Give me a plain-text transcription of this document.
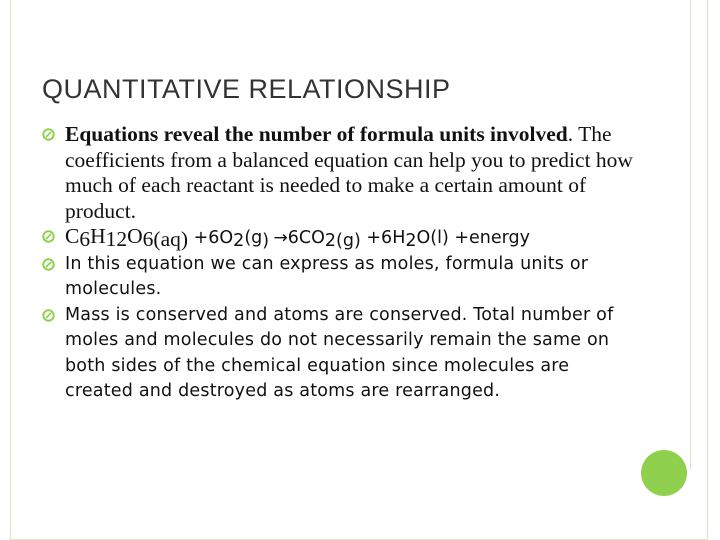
QUANTITATIVE RELATIONSHIP
Equations reveal the number of formula units involved. The coefficients from a balanced equation can help you to predict how much of each reactant is needed to make a certain amount of product.
$C_6H_{12}O_{6(aq)} +6O_2(g_) \to 6CO_{2(g)} +6H_2O(l)$ +energy
In this equation we can express as moles, formula units or molecules.
Mass is conserved and atoms are conserved. Total number of moles and molecules do not necessarily remain the same on both sides of the chemical equation since molecules are created and destroyed as atoms are rearranged.
